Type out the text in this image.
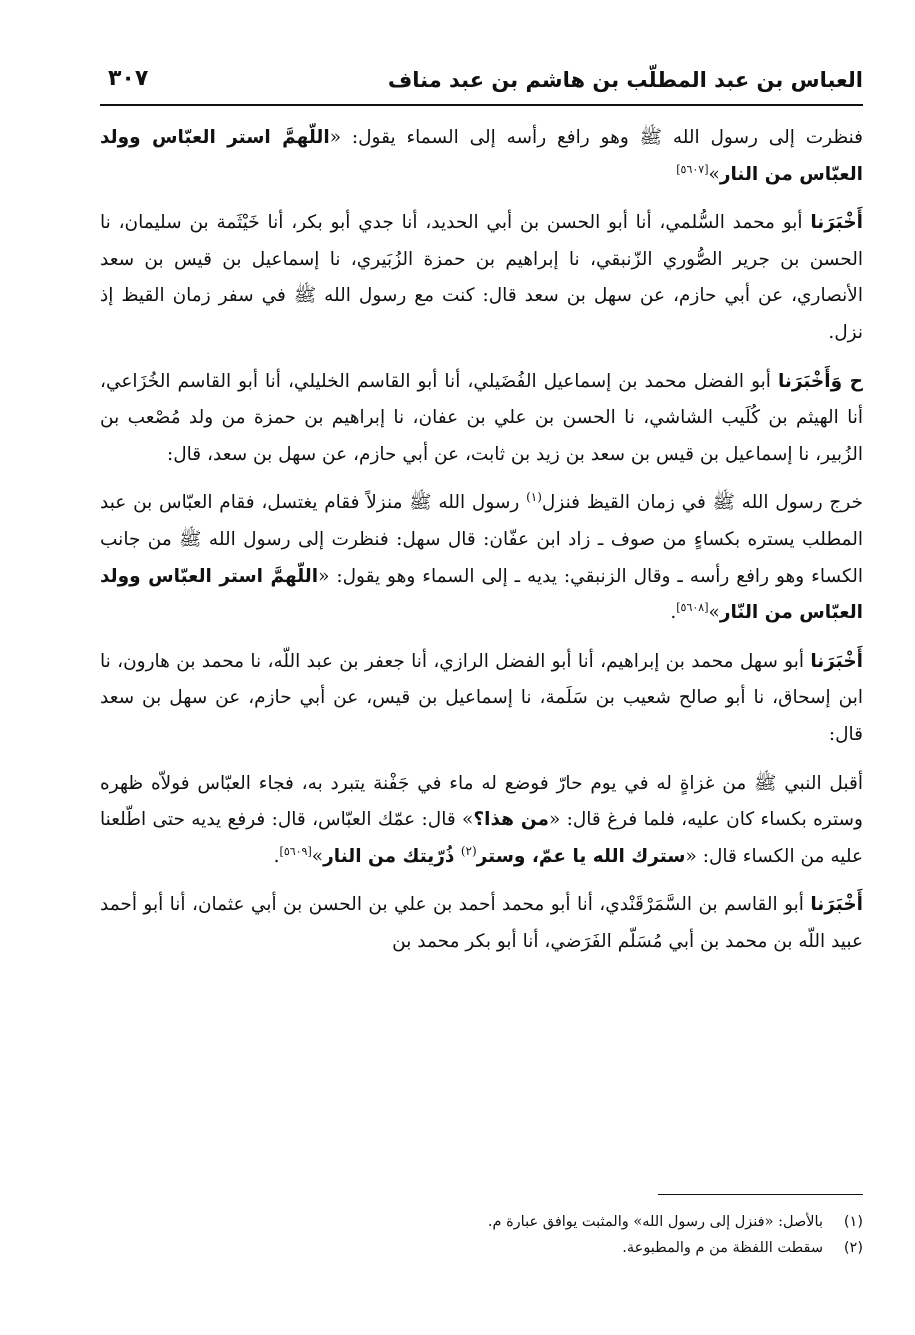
العباس بن عبد المطلّب بن هاشم بن عبد مناف
٣٠٧

فنظرت إلى رسول الله ﷺ وهو رافع رأسه إلى السماء يقول: «اللّهمَّ استر العبّاس وولد العبّاس من النار»[٥٦٠٧]

أَخْبَرَنا أبو محمد السُّلمي، أنا أبو الحسن بن أبي الحديد، أنا جدي أبو بكر، أنا خَيْثَمة بن سليمان، نا الحسن بن جرير الصُّوري الزّنبقي، نا إبراهيم بن حمزة الزُبَيري، نا إسماعيل بن قيس بن سعد الأنصاري، عن أبي حازم، عن سهل بن سعد قال: كنت مع رسول الله ﷺ في سفر زمان القيظ إذ نزل.

ح وَأَخْبَرَنا أبو الفضل محمد بن إسماعيل الفُضَيلي، أنا أبو القاسم الخليلي، أنا أبو القاسم الخُزَاعي، أنا الهيثم بن كُلَيب الشاشي، نا الحسن بن علي بن عفان، نا إبراهيم بن حمزة من ولد مُصْعب بن الزُبير، نا إسماعيل بن قيس بن سعد بن زيد بن ثابت، عن أبي حازم، عن سهل بن سعد، قال:

خرج رسول الله ﷺ في زمان القيظ فنزل$^{(١)}$ رسول الله ﷺ منزلاً فقام يغتسل، فقام العبّاس بن عبد المطلب يستره بكساءٍ من صوف ـ زاد ابن عفّان: قال سهل: فنظرت إلى رسول الله ﷺ من جانب الكساء وهو رافع رأسه ـ وقال الزنبقي: يديه ـ إلى السماء وهو يقول: «اللّهمَّ استر العبّاس وولد العبّاس من النّار»[٥٦٠٨].

أَخْبَرَنا أبو سهل محمد بن إبراهيم، أنا أبو الفضل الرازي، أنا جعفر بن عبد اللّه، نا محمد بن هارون، نا ابن إسحاق، نا أبو صالح شعيب بن سَلَمة، نا إسماعيل بن قيس، عن أبي حازم، عن سهل بن سعد قال:

أقبل النبي ﷺ من غزاةٍ له في يوم حارّ فوضع له ماء في جَفْنة يتبرد به، فجاء العبّاس فولاّه ظهره وستره بكساء كان عليه، فلما فرغ قال: «من هذا؟» قال: عمّك العبّاس، قال: فرفع يديه حتى اطّلعنا عليه من الكساء قال: «سترك الله يا عمّ، وستر$^{(٢)}$ ذُرّيتك من النار»[٥٦٠٩].

أَخْبَرَنا أبو القاسم بن السَّمَرْقَنْدي، أنا أبو محمد أحمد بن علي بن الحسن بن أبي عثمان، أنا أبو أحمد عبيد اللّه بن محمد بن أبي مُسَلّم الفَرَضي، أنا أبو بكر محمد بن

(١)بالأصل: «فنزل إلى رسول الله» والمثبت يوافق عبارة م.
(٢)سقطت اللفظة من م والمطبوعة.
